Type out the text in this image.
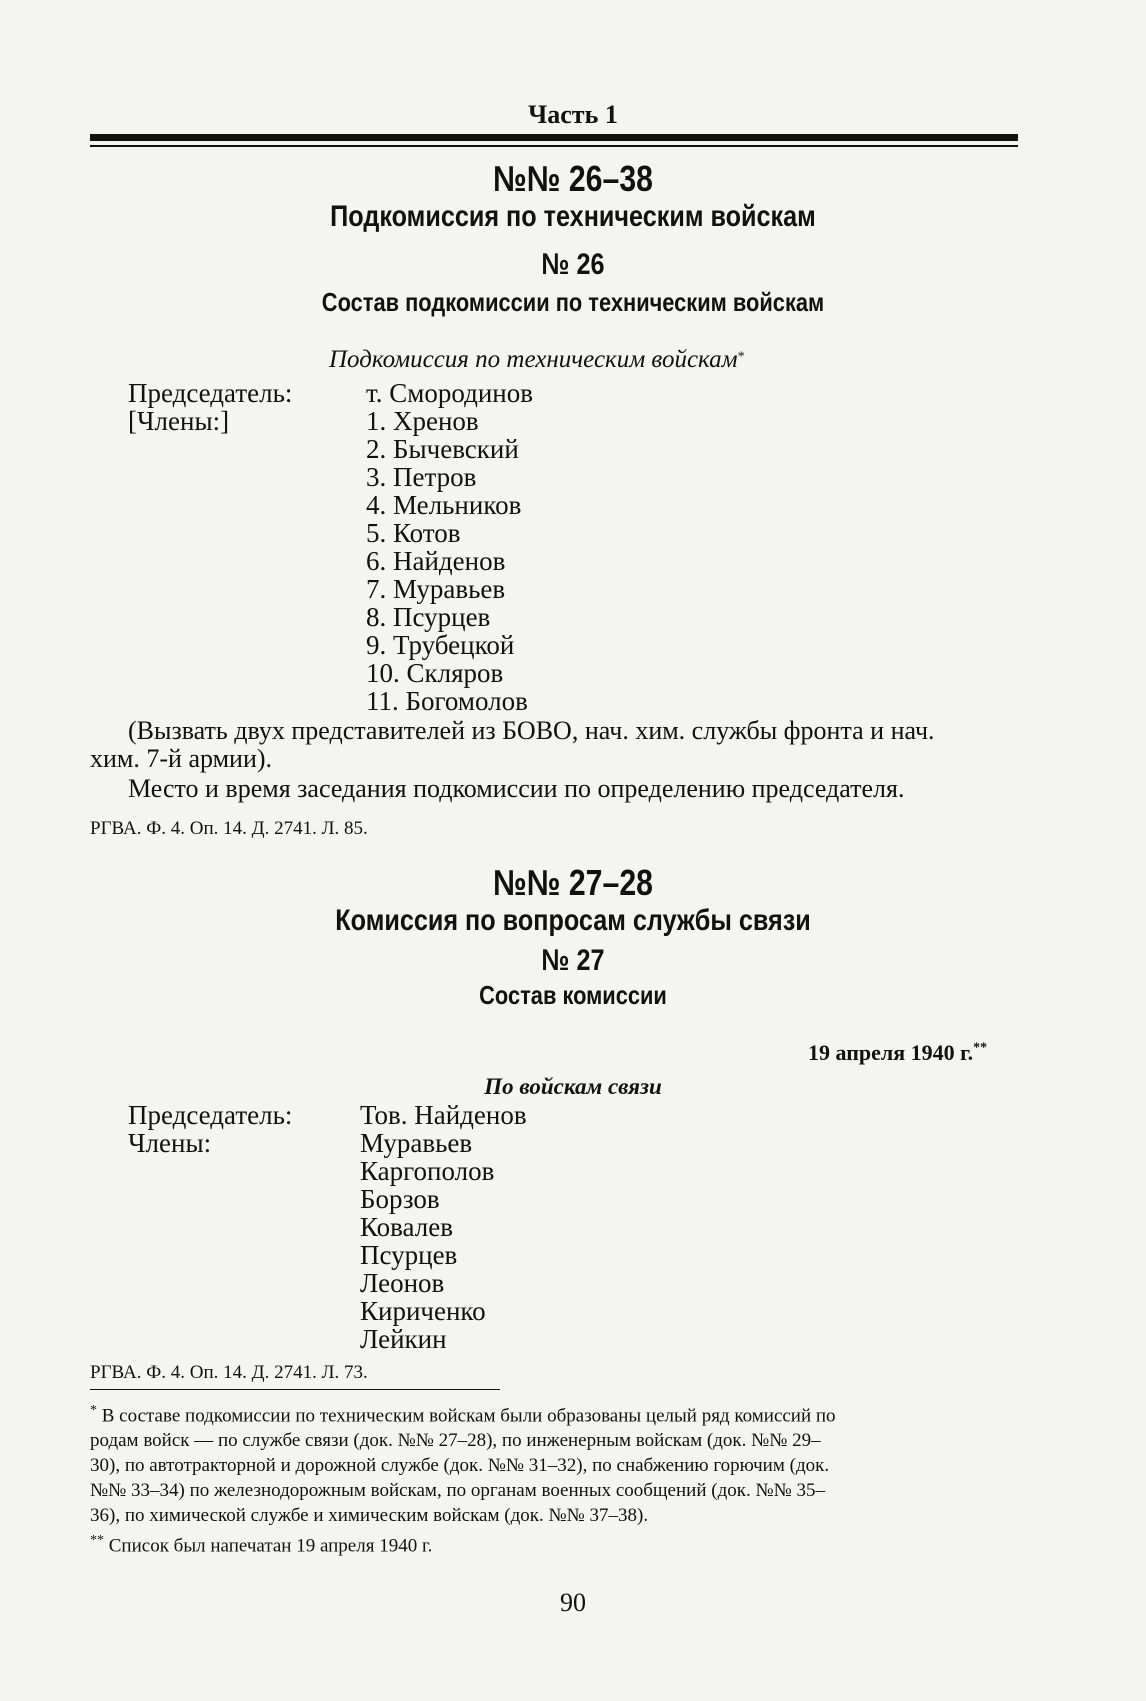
Часть 1
№№ 26–38
Подкомиссия по техническим войскам
№ 26
Состав подкомиссии по техническим войскам
Подкомиссия по техническим войскам*
Председатель:	т. Смородинов
[Члены:]	1. Хренов
2. Бычевский
3. Петров
4. Мельников
5. Котов
6. Найденов
7. Муравьев
8. Псурцев
9. Трубецкой
10. Скляров
11. Богомолов
(Вызвать двух представителей из БОВО, нач. хим. службы фронта и нач.
хим. 7-й армии).
Место и время заседания подкомиссии по определению председателя.
РГВА. Ф. 4. Оп. 14. Д. 2741. Л. 85.
№№ 27–28
Комиссия по вопросам службы связи
№ 27
Состав комиссии
19 апреля 1940 г.**
По войскам связи
Председатель:	Тов. Найденов
Члены:	Муравьев
Каргополов
Борзов
Ковалев
Псурцев
Леонов
Кириченко
Лейкин
РГВА. Ф. 4. Оп. 14. Д. 2741. Л. 73.
* В составе подкомиссии по техническим войскам были образованы целый ряд комиссий по
родам войск — по службе связи (док. №№ 27–28), по инженерным войскам (док. №№ 29–
30), по автотракторной и дорожной службе (док. №№ 31–32), по снабжению горючим (док.
№№ 33–34) по железнодорожным войскам, по органам военных сообщений (док. №№ 35–
36), по химической службе и химическим войскам (док. №№ 37–38).
** Список был напечатан 19 апреля 1940 г.
90
